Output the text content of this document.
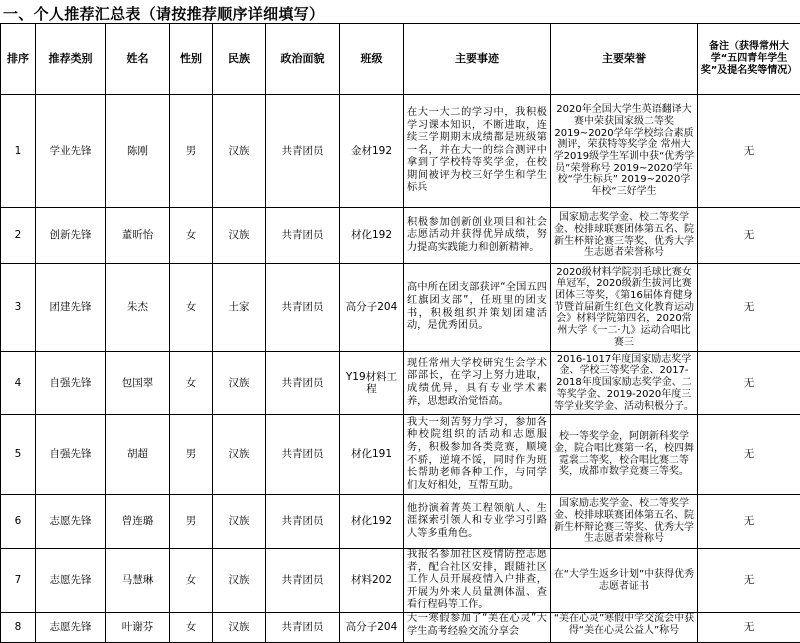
一、个人推荐汇总表（请按推荐顺序详细填写）
排序	推荐类别	姓名	性别	民族	政治面貌	班级	主要事迹	主要荣誉	备注（获得常州大学“五四青年学生奖”及提名奖等情况）
1	学业先锋	陈刚	男	汉族	共青团员	金材192	在大一大二的学习中，我积极学习课本知识，不断进取，连续三学期期末成绩都是班级第一名，并在大一的综合测评中拿到了学校特等奖学金，在校期间被评为校三好学生和学生标兵	2020年全国大学生英语翻译大赛中荣获国家级二等奖 2019~2020学年学校综合素质测评，荣获特等奖学金 常州大学2019级学生军训中获“优秀学员”荣誉称号 2019~2020学年校“学生标兵” 2019~2020学年校“三好学生	无
2	创新先锋	董昕怡	女	汉族	共青团员	材化192	积极参加创新创业项目和社会志愿活动并获得优异成绩，努力提高实践能力和创新精神。	国家励志奖学金、校二等奖学金、校排球联赛团体第五名、院新生杯辩论赛三等奖、优秀大学生志愿者荣誉称号	无
3	团建先锋	朱杰	女	土家	共青团员	高分子204	高中所在团支部获评“全国五四红旗团支部”，任班里的团支书，积极组织并策划团建活动，是优秀团员。	2020级材料学院羽毛球比赛女单冠军，2020级新生拔河比赛团体三等奖，《第16届体育健身节暨首届新生红色文化教育运动会》材料学院第四名，2020常州大学《一二·九》运动合唱比赛三	无
4	自强先锋	包国翠	女	汉族	共青团员	Y19材料工程	现任常州大学校研究生会学术部部长，在学习上努力进取，成绩优异，具有专业学术素养，思想政治觉悟高。	2016-1017年度国家励志奖学金、学校三等奖学金、2017-2018年度国家励志奖学金、二等奖学金、2019-2020年度三等学业奖学金、活动积极分子。	无
5	自强先锋	胡超	男	汉族	共青团员	材化191	我大一刻苦努力学习，参加各种校院组织的活动和志愿服务，积极参加各类竞赛，顺境不骄，逆境不馁，同时作为班长帮助老师各种工作，与同学们友好相处，互帮互助。	校一等奖学金，阿朗新科奖学金，院合唱比赛第一名，校四舞霓裳二等奖，校合唱比赛二等奖，成都市数学竞赛三等奖。	无
6	志愿先锋	曾连璐	男	汉族	共青团员	材化192	他扮演着菁英工程领航人、生涯探索引领人和专业学习引路人等多重角色。	国家励志奖学金、校二等奖学金、校排球联赛团体第五名、院新生杯辩论赛三等奖、优秀大学生志愿者荣誉称号	无
7	志愿先锋	马慧琳	女	汉族	共青团员	材料202	我报名参加社区疫情防控志愿者，配合社区安排，跟随社区工作人员开展疫情入户排查，开展为外来人员量测体温、查看行程码等工作。	在“大学生返乡计划”中获得优秀志愿者证书	无
8	志愿先锋	叶谢芬	女	汉族	共青团员	高分子204	大一寒假参加了“美在心灵”大学生高考经验交流分享会	“美在心灵”寒假中学交流会中获得“美在心灵公益人”称号	无
